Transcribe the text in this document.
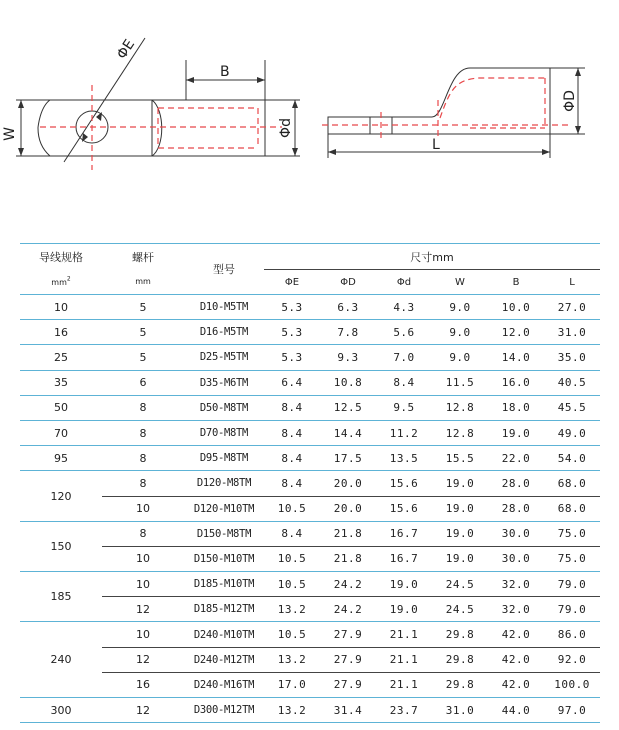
ΦE
B
W	Φd
ΦD
L
导线规格	螺杆	型号	尺寸mm					
$mm^2$	mm		ΦE	ΦD	Φd	W	B	L
10	5	D10-M5TM	5.3	6.3	4.3	9.0	10.0	27.0
16	5	D16-M5TM	5.3	7.8	5.6	9.0	12.0	31.0
25	5	D25-M5TM	5.3	9.3	7.0	9.0	14.0	35.0
35	6	D35-M6TM	6.4	10.8	8.4	11.5	16.0	40.5
50	8	D50-M8TM	8.4	12.5	9.5	12.8	18.0	45.5
70	8	D70-M8TM	8.4	14.4	11.2	12.8	19.0	49.0
95	8	D95-M8TM	8.4	17.5	13.5	15.5	22.0	54.0
120	8	D120-M8TM	8.4	20.0	15.6	19.0	28.0	68.0
	10	D120-M10TM	10.5	20.0	15.6	19.0	28.0	68.0
150	8	D150-M8TM	8.4	21.8	16.7	19.0	30.0	75.0
	10	D150-M10TM	10.5	21.8	16.7	19.0	30.0	75.0
185	10	D185-M10TM	10.5	24.2	19.0	24.5	32.0	79.0
	12	D185-M12TM	13.2	24.2	19.0	24.5	32.0	79.0
240	10	D240-M10TM	10.5	27.9	21.1	29.8	42.0	86.0
	12	D240-M12TM	13.2	27.9	21.1	29.8	42.0	92.0
	16	D240-M16TM	17.0	27.9	21.1	29.8	42.0	100.0
300	12	D300-M12TM	13.2	31.4	23.7	31.0	44.0	97.0
